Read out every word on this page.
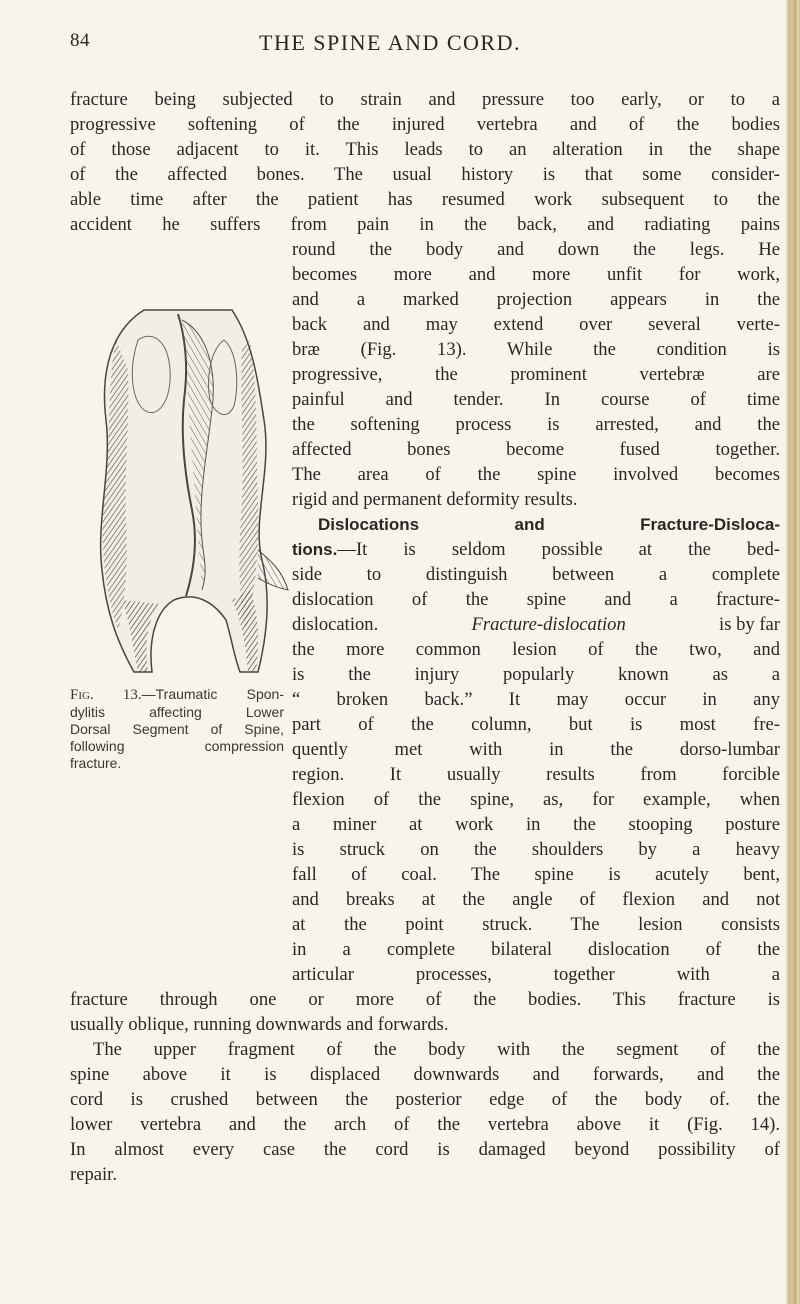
84	THE SPINE AND CORD.
fracture being subjected to strain and pressure too early, or to a
progressive softening of the injured vertebra and of the bodies
of those adjacent to it. This leads to an alteration in the shape
of the affected bones. The usual history is that some consider-
able time after the patient has resumed work subsequent to the
accident he suffers from pain in the back, and radiating pains
round the body and down the legs. He
becomes more and more unfit for work,
and a marked projection appears in the
back and may extend over several verte-
bræ (Fig. 13). While the condition is
progressive, the prominent vertebræ are
painful and tender. In course of time
the softening process is arrested, and the
affected bones become fused together.
The area of the spine involved becomes
rigid and permanent deformity results.
Dislocations and Fracture-Disloca-
tions.—It is seldom possible at the bed-
side to distinguish between a complete
dislocation of the spine and a fracture-
dislocation.	Fracture-dislocation	is by far
the more common lesion of the two, and
is the injury popularly known as a
“ broken back.” It may occur in any
part of the column, but is most fre-
quently met with in the dorso-lumbar
region. It usually results from forcible
flexion of the spine, as, for example, when
a miner at work in the stooping posture
is struck on the shoulders by a heavy
fall of coal. The spine is acutely bent,
and breaks at the angle of flexion and not
at the point struck. The lesion consists
in a complete bilateral dislocation of the
articular processes, together with a
fracture through one or more of the bodies. This fracture is
usually oblique, running downwards and forwards.
The upper fragment of the body with the segment of the
spine above it is displaced downwards and forwards, and the
cord is crushed between the posterior edge of the body of. the
lower vertebra and the arch of the vertebra above it (Fig. 14).
In almost every case the cord is damaged beyond possibility of
repair.
Fig. 13.—Traumatic Spon-
dylitis affecting Lower
Dorsal Segment of Spine,
following compression
fracture.
